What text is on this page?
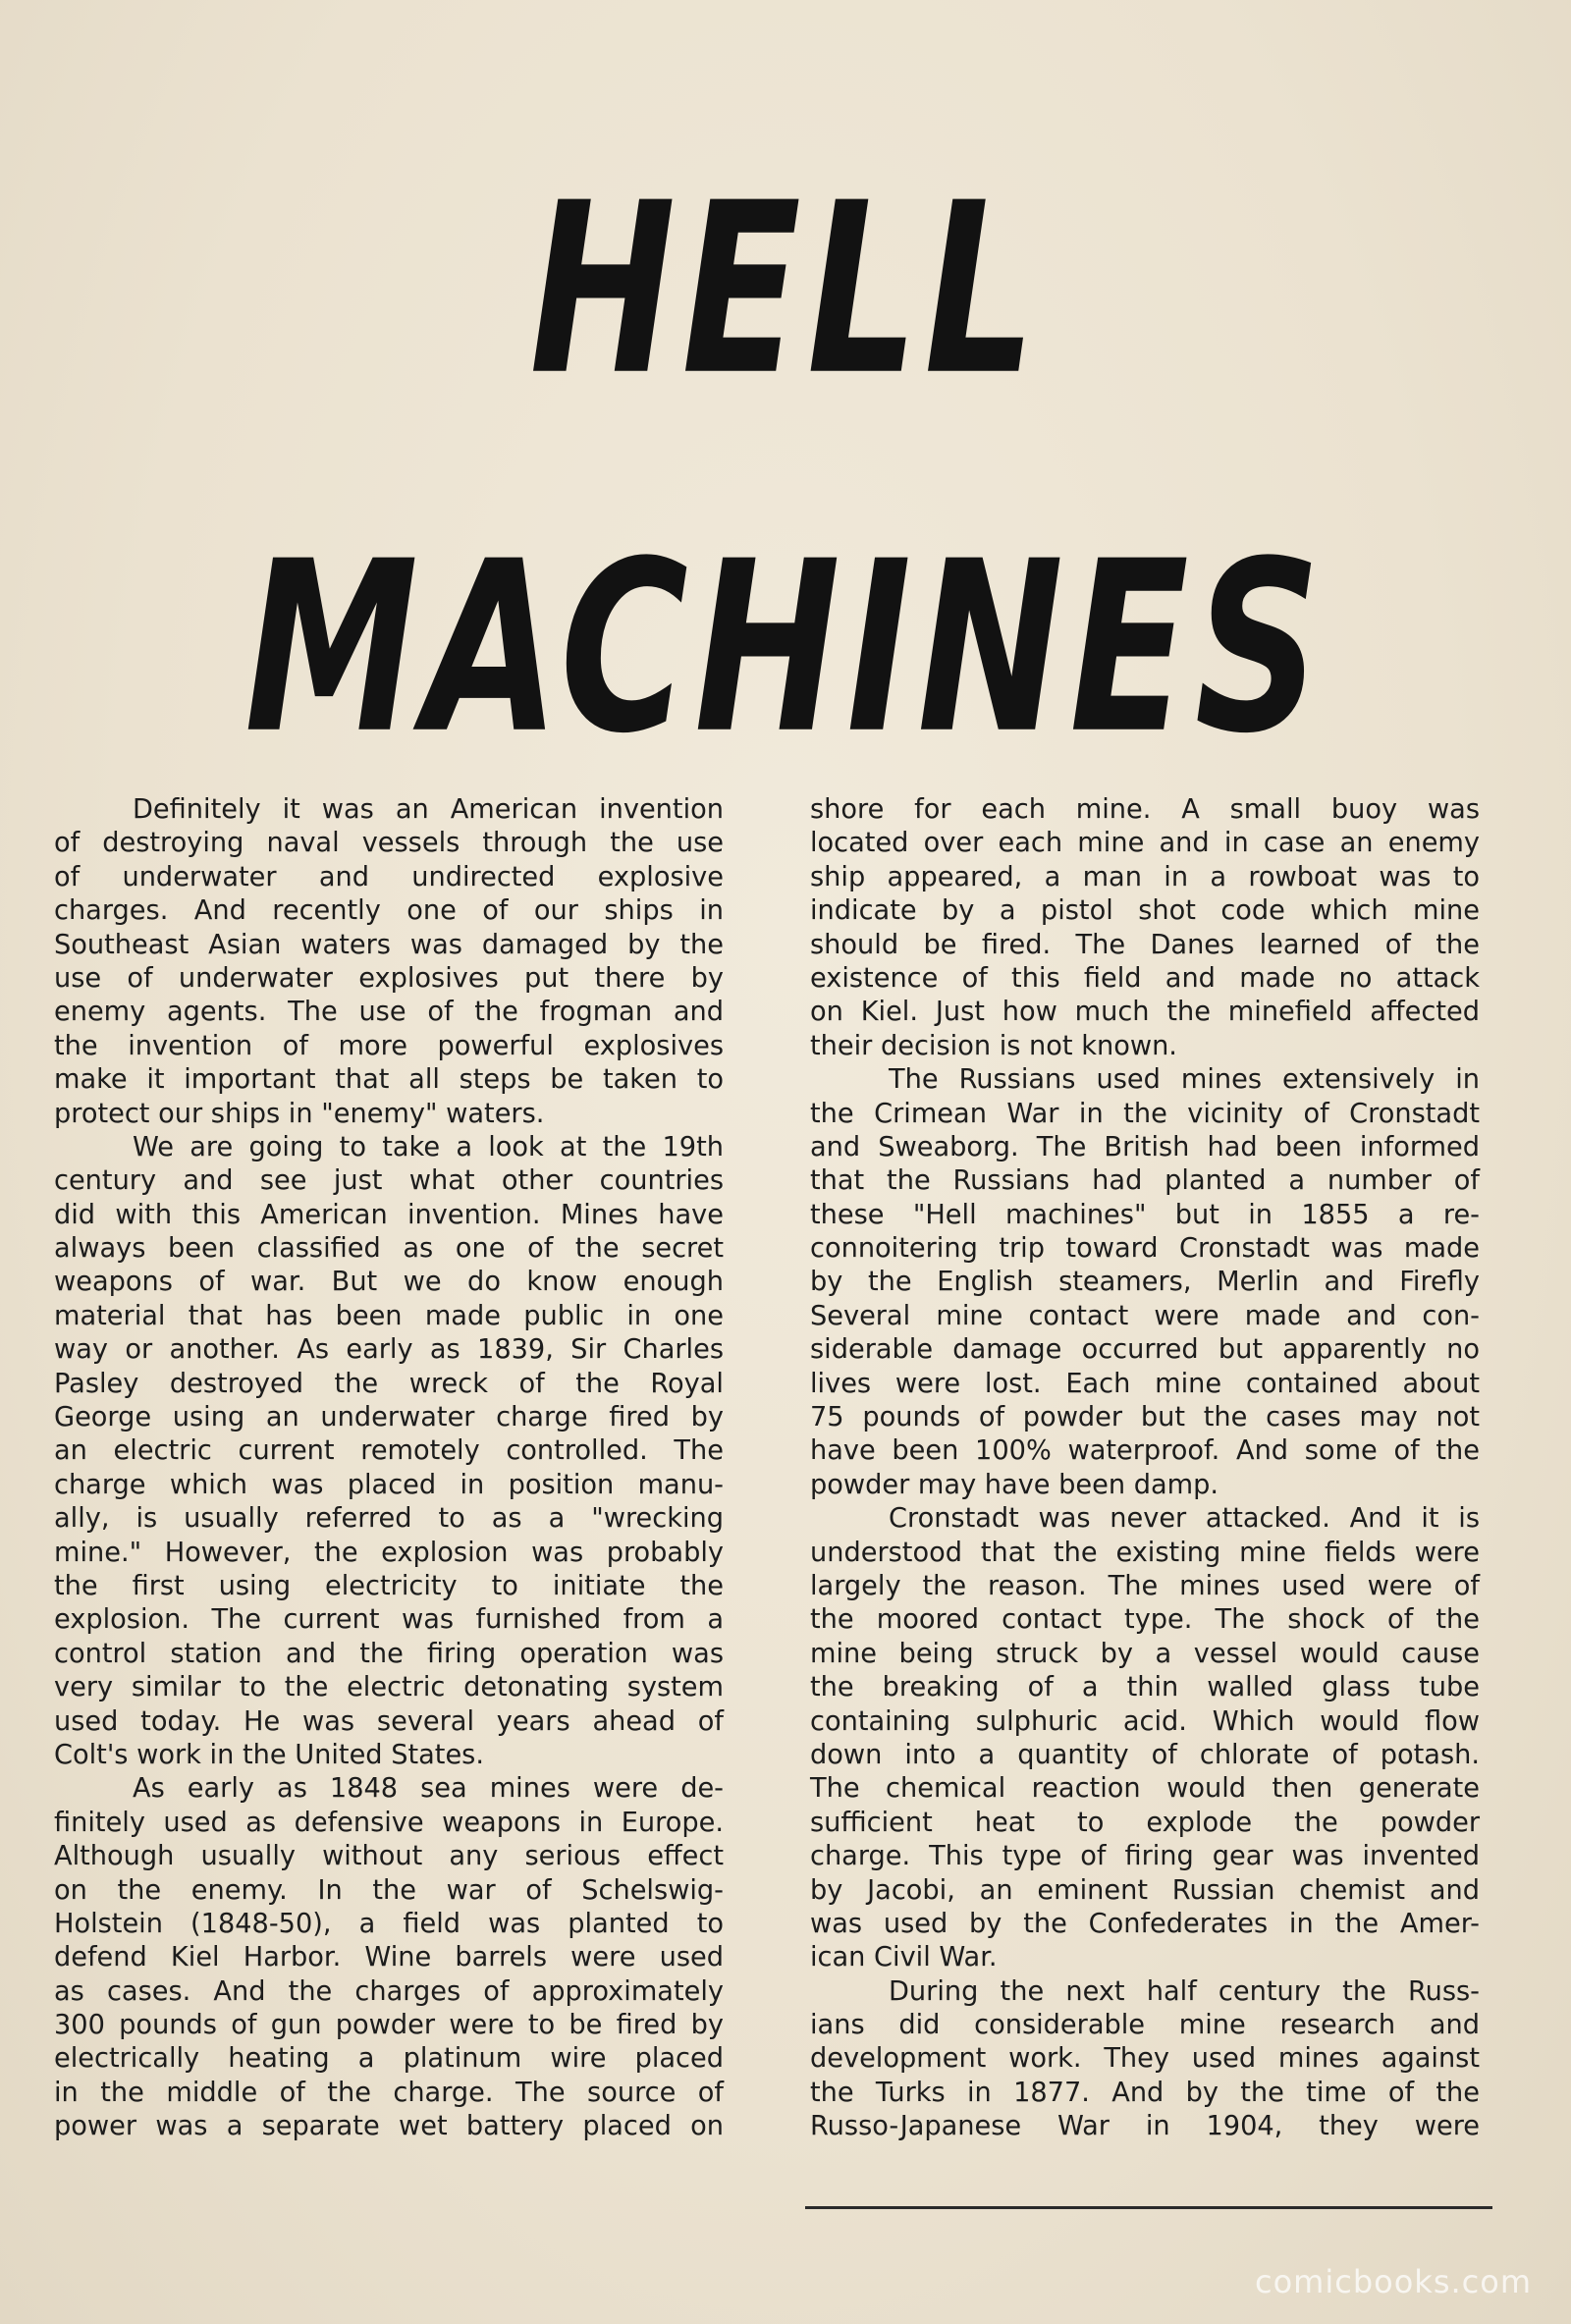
HELL
MACHINES
Definitely it was an American invention
of destroying naval vessels through the use
of underwater and undirected explosive
charges. And recently one of our ships in
Southeast Asian waters was damaged by the
use of underwater explosives put there by
enemy agents. The use of the frogman and
the invention of more powerful explosives
make it important that all steps be taken to
protect our ships in "enemy" waters.
We are going to take a look at the 19th
century and see just what other countries
did with this American invention. Mines have
always been classified as one of the secret
weapons of war. But we do know enough
material that has been made public in one
way or another. As early as 1839, Sir Charles
Pasley destroyed the wreck of the Royal
George using an underwater charge fired by
an electric current remotely controlled. The
charge which was placed in position manu-
ally, is usually referred to as a "wrecking
mine." However, the explosion was probably
the first using electricity to initiate the
explosion. The current was furnished from a
control station and the firing operation was
very similar to the electric detonating system
used today. He was several years ahead of
Colt's work in the United States.
As early as 1848 sea mines were de-
finitely used as defensive weapons in Europe.
Although usually without any serious effect
on the enemy. In the war of Schelswig-
Holstein (1848-50), a field was planted to
defend Kiel Harbor. Wine barrels were used
as cases. And the charges of approximately
300 pounds of gun powder were to be fired by
electrically heating a platinum wire placed
in the middle of the charge. The source of
power was a separate wet battery placed on
shore for each mine. A small buoy was
located over each mine and in case an enemy
ship appeared, a man in a rowboat was to
indicate by a pistol shot code which mine
should be fired. The Danes learned of the
existence of this field and made no attack
on Kiel. Just how much the minefield affected
their decision is not known.
The Russians used mines extensively in
the Crimean War in the vicinity of Cronstadt
and Sweaborg. The British had been informed
that the Russians had planted a number of
these "Hell machines" but in 1855 a re-
connoitering trip toward Cronstadt was made
by the English steamers, Merlin and Firefly
Several mine contact were made and con-
siderable damage occurred but apparently no
lives were lost. Each mine contained about
75 pounds of powder but the cases may not
have been 100% waterproof. And some of the
powder may have been damp.
Cronstadt was never attacked. And it is
understood that the existing mine fields were
largely the reason. The mines used were of
the moored contact type. The shock of the
mine being struck by a vessel would cause
the breaking of a thin walled glass tube
containing sulphuric acid. Which would flow
down into a quantity of chlorate of potash.
The chemical reaction would then generate
sufficient heat to explode the powder
charge. This type of firing gear was invented
by Jacobi, an eminent Russian chemist and
was used by the Confederates in the Amer-
ican Civil War.
During the next half century the Russ-
ians did considerable mine research and
development work. They used mines against
the Turks in 1877. And by the time of the
Russo-Japanese War in 1904, they were
comicbooks.com
